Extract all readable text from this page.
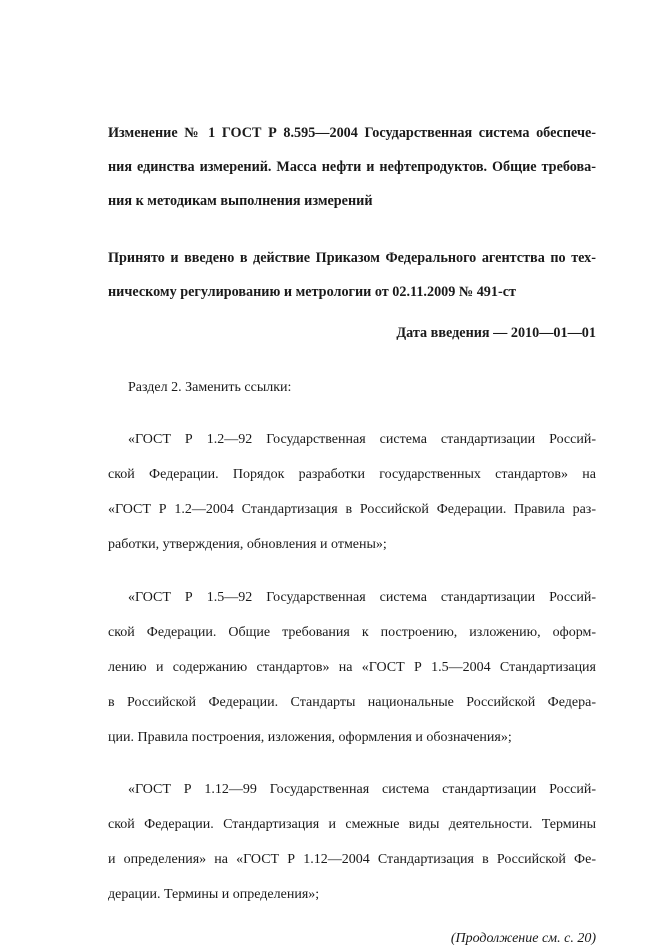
Изменение № 1 ГОСТ Р 8.595—2004 Государственная система обеспече-

ния единства измерений. Масса нефти и нефтепродуктов. Общие требова-

ния к методикам выполнения измерений

Принято и введено в действие Приказом Федерального агентства по тех-

ническому регулированию и метрологии от 02.11.2009 № 491-ст

Дата введения — 2010—01—01

Раздел 2. Заменить ссылки:

«ГОСТ Р 1.2—92 Государственная система стандартизации Россий-

ской Федерации. Порядок разработки государственных стандартов» на

«ГОСТ Р 1.2—2004 Стандартизация в Российской Федерации. Правила раз-

работки, утверждения, обновления и отмены»;

«ГОСТ Р 1.5—92 Государственная система стандартизации Россий-

ской Федерации. Общие требования к построению, изложению, оформ-

лению и содержанию стандартов» на «ГОСТ Р 1.5—2004 Стандартизация

в Российской Федерации. Стандарты национальные Российской Федера-

ции. Правила построения, изложения, оформления и обозначения»;

«ГОСТ Р 1.12—99 Государственная система стандартизации Россий-

ской Федерации. Стандартизация и смежные виды деятельности. Термины

и определения» на «ГОСТ Р 1.12—2004 Стандартизация в Российской Фе-

дерации. Термины и определения»;

(Продолжение см. с. 20)
